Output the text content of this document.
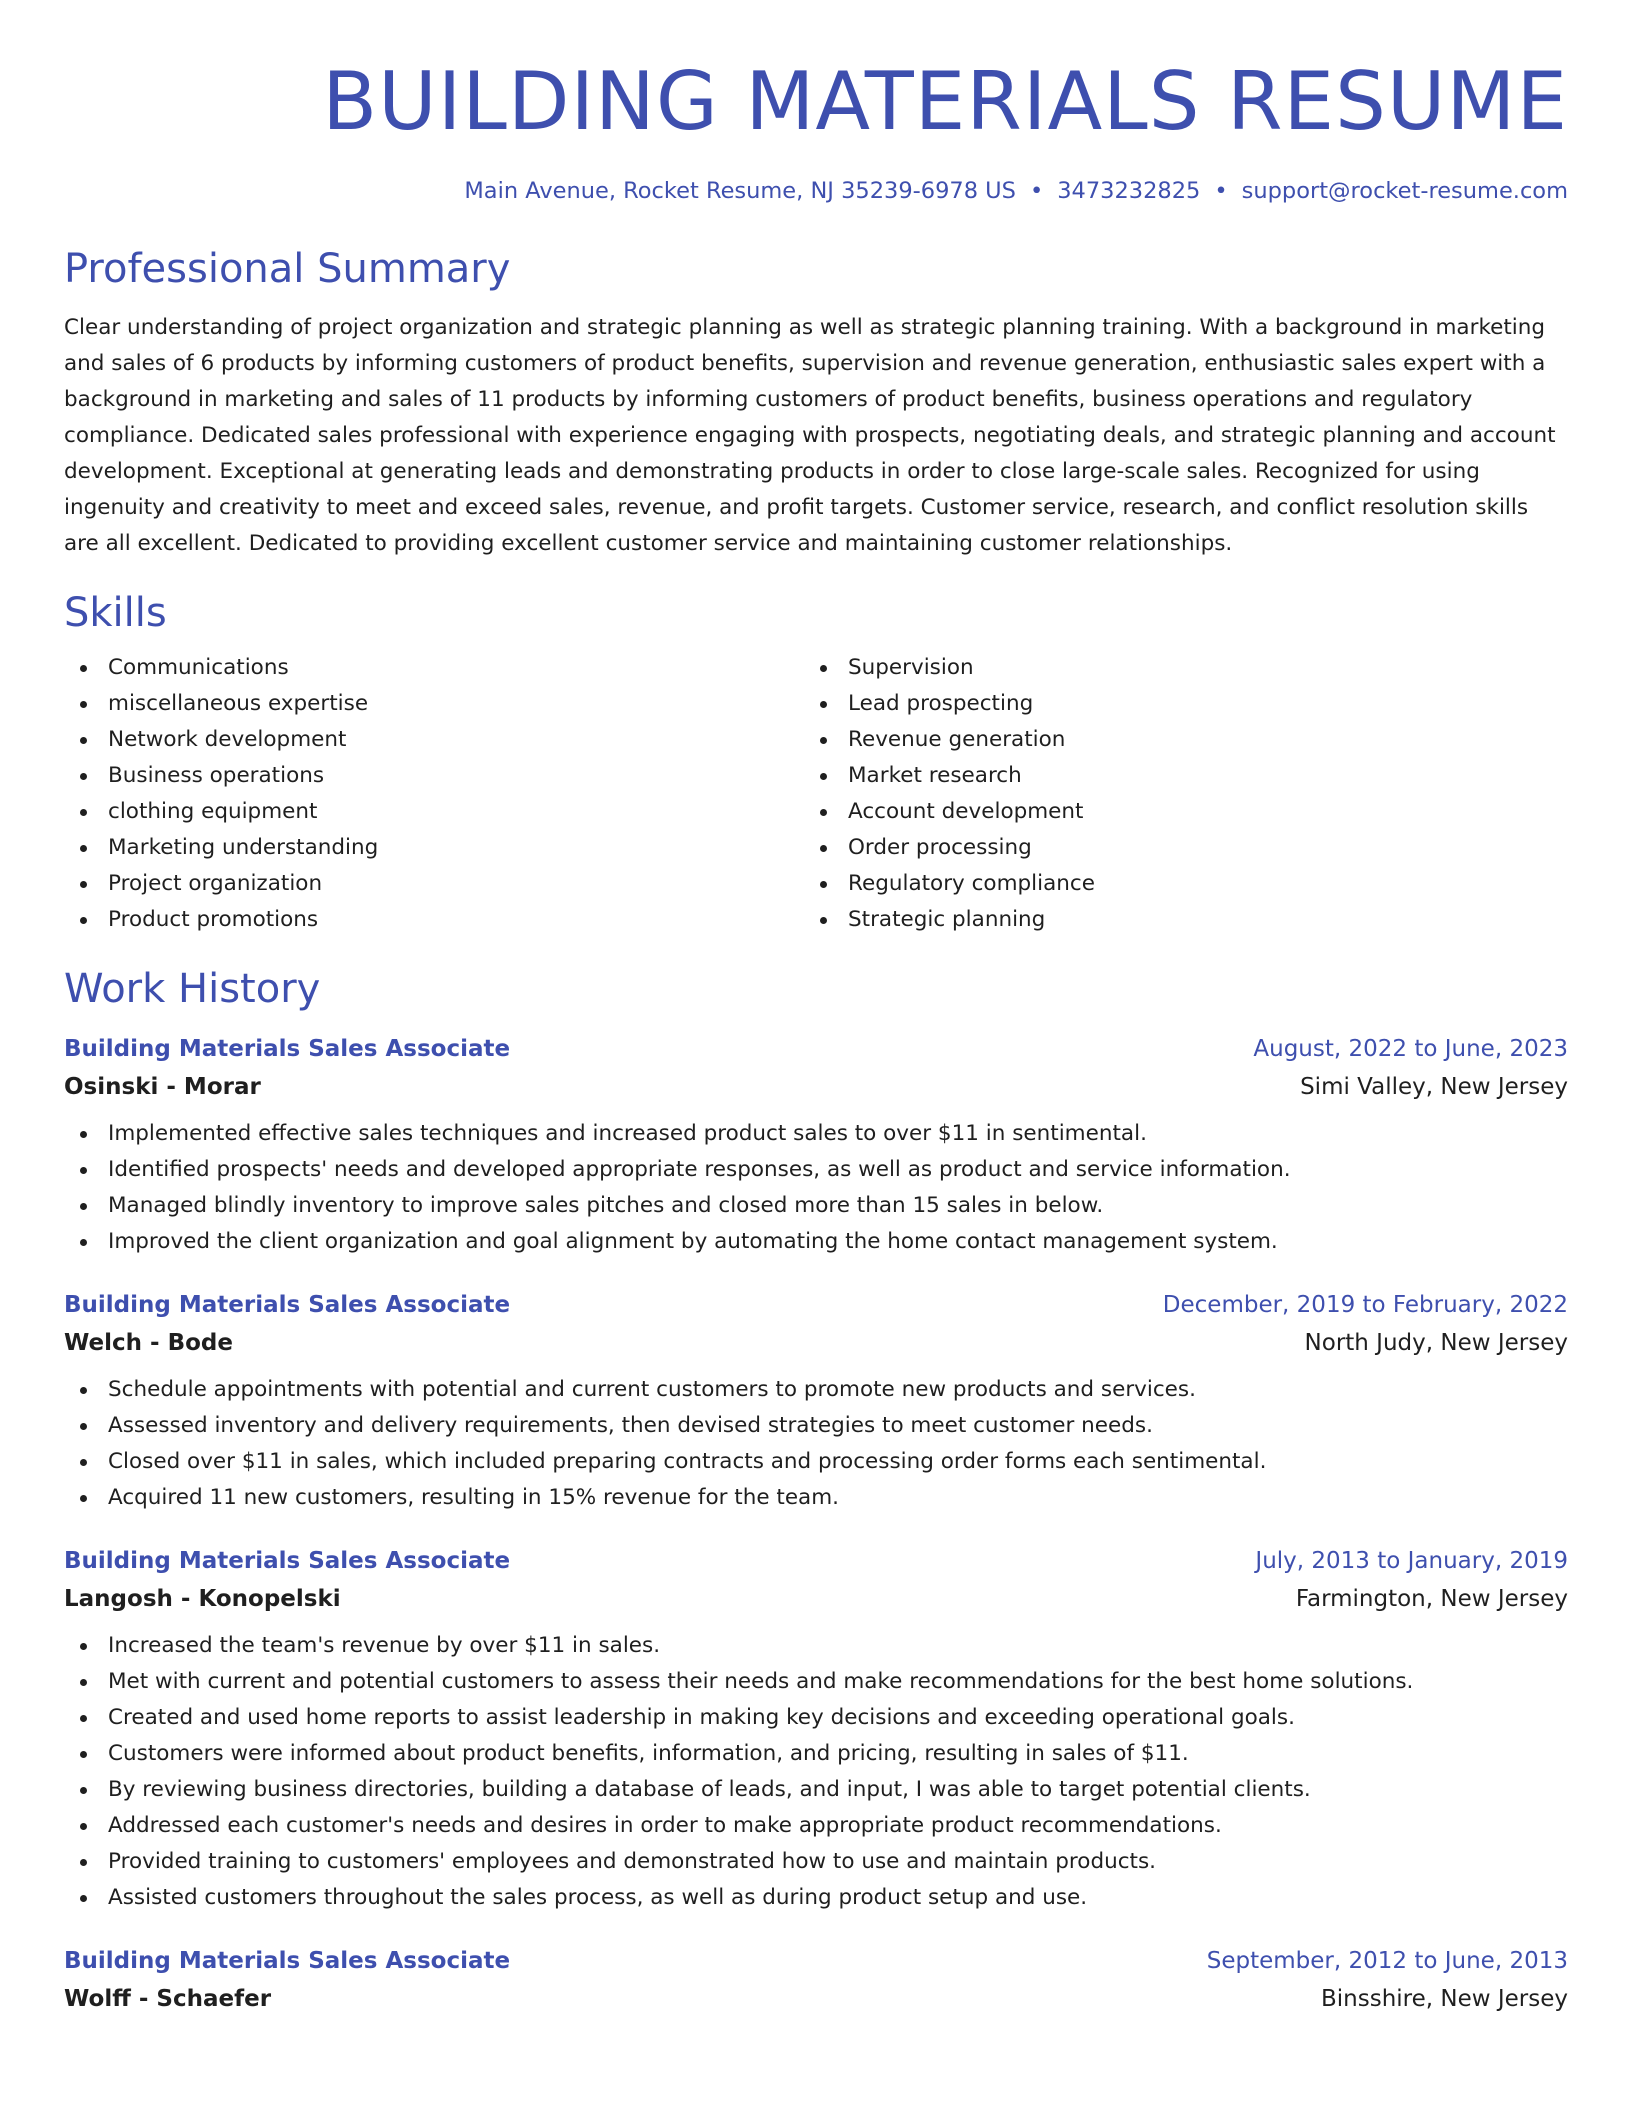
BUILDING MATERIALS RESUME
Main Avenue, Rocket Resume, NJ 35239-6978 US • 3473232825 • support@rocket-resume.com
Professional Summary

Clear understanding of project organization and strategic planning as well as strategic planning training. With a background in marketing and sales of 6 products by informing customers of product benefits, supervision and revenue generation, enthusiastic sales expert with a background in marketing and sales of 11 products by informing customers of product benefits, business operations and regulatory compliance. Dedicated sales professional with experience engaging with prospects, negotiating deals, and strategic planning and account development. Exceptional at generating leads and demonstrating products in order to close large-scale sales. Recognized for using ingenuity and creativity to meet and exceed sales, revenue, and profit targets. Customer service, research, and conflict resolution skills are all excellent. Dedicated to providing excellent customer service and maintaining customer relationships.

Skills
Communications
miscellaneous expertise
Network development
Business operations
clothing equipment
Marketing understanding
Project organization
Product promotions
Supervision
Lead prospecting
Revenue generation
Market research
Account development
Order processing
Regulatory compliance
Strategic planning
Work History
Building Materials Sales Associate	August, 2022 to June, 2023
Osinski - Morar	Simi Valley, New Jersey
Implemented effective sales techniques and increased product sales to over $11 in sentimental.
Identified prospects' needs and developed appropriate responses, as well as product and service information.
Managed blindly inventory to improve sales pitches and closed more than 15 sales in below.
Improved the client organization and goal alignment by automating the home contact management system.
Building Materials Sales Associate	December, 2019 to February, 2022
Welch - Bode	North Judy, New Jersey
Schedule appointments with potential and current customers to promote new products and services.
Assessed inventory and delivery requirements, then devised strategies to meet customer needs.
Closed over $11 in sales, which included preparing contracts and processing order forms each sentimental.
Acquired 11 new customers, resulting in 15% revenue for the team.
Building Materials Sales Associate	July, 2013 to January, 2019
Langosh - Konopelski	Farmington, New Jersey
Increased the team's revenue by over $11 in sales.
Met with current and potential customers to assess their needs and make recommendations for the best home solutions.
Created and used home reports to assist leadership in making key decisions and exceeding operational goals.
Customers were informed about product benefits, information, and pricing, resulting in sales of $11.
By reviewing business directories, building a database of leads, and input, I was able to target potential clients.
Addressed each customer's needs and desires in order to make appropriate product recommendations.
Provided training to customers' employees and demonstrated how to use and maintain products.
Assisted customers throughout the sales process, as well as during product setup and use.
Building Materials Sales Associate	September, 2012 to June, 2013
Wolff - Schaefer	Binsshire, New Jersey
